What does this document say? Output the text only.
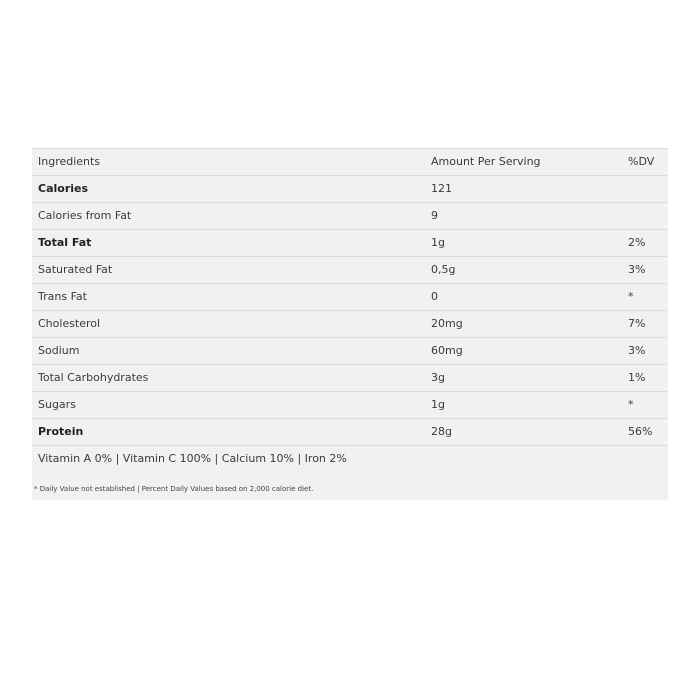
Ingredients	Amount Per Serving	%DV
Calories	121
Calories from Fat	9
Total Fat	1g	2%
Saturated Fat	0,5g	3%
Trans Fat	0	*
Cholesterol	20mg	7%
Sodium	60mg	3%
Total Carbohydrates	3g	1%
Sugars	1g	*
Protein	28g	56%
Vitamin A 0% | Vitamin C 100% | Calcium 10% | Iron 2%
* Daily Value not established | Percent Daily Values based on 2,000 calorie diet.
